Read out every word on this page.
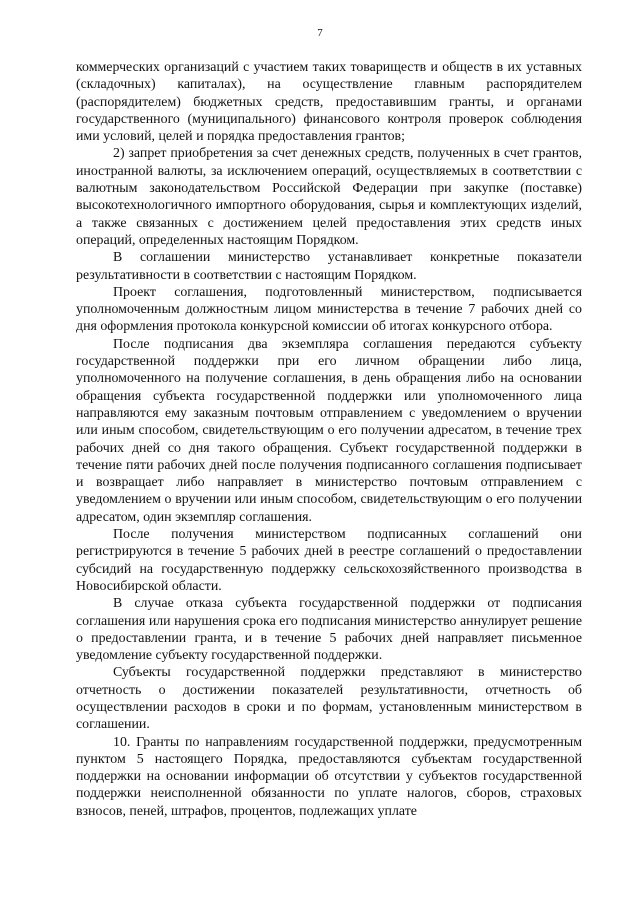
7

коммерческих организаций с участием таких товариществ и обществ в их уставных (складочных) капиталах), на осуществление главным распорядителем (распорядителем) бюджетных средств, предоставившим гранты, и органами государственного (муниципального) финансового контроля проверок соблюдения ими условий, целей и порядка предоставления грантов;

2) запрет приобретения за счет денежных средств, полученных в счет грантов, иностранной валюты, за исключением операций, осуществляемых в соответствии с валютным законодательством Российской Федерации при закупке (поставке) высокотехнологичного импортного оборудования, сырья и комплектующих изделий, а также связанных с достижением целей предоставления этих средств иных операций, определенных настоящим Порядком.

В соглашении министерство устанавливает конкретные показатели результативности в соответствии с настоящим Порядком.

Проект соглашения, подготовленный министерством, подписывается уполномоченным должностным лицом министерства в течение 7 рабочих дней со дня оформления протокола конкурсной комиссии об итогах конкурсного отбора.

После подписания два экземпляра соглашения передаются субъекту государственной поддержки при его личном обращении либо лица, уполномоченного на получение соглашения, в день обращения либо на основании обращения субъекта государственной поддержки или уполномоченного лица направляются ему заказным почтовым отправлением с уведомлением о вручении или иным способом, свидетельствующим о его получении адресатом, в течение трех рабочих дней со дня такого обращения. Субъект государственной поддержки в течение пяти рабочих дней после получения подписанного соглашения подписывает и возвращает либо направляет в министерство почтовым отправлением с уведомлением о вручении или иным способом, свидетельствующим о его получении адресатом, один экземпляр соглашения.

После получения министерством подписанных соглашений они регистрируются в течение 5 рабочих дней в реестре соглашений о предоставлении субсидий на государственную поддержку сельскохозяйственного производства в Новосибирской области.

В случае отказа субъекта государственной поддержки от подписания соглашения или нарушения срока его подписания министерство аннулирует решение о предоставлении гранта, и в течение 5 рабочих дней направляет письменное уведомление субъекту государственной поддержки.

Субъекты государственной поддержки представляют в министерство отчетность о достижении показателей результативности, отчетность об осуществлении расходов в сроки и по формам, установленным министерством в соглашении.

10. Гранты по направлениям государственной поддержки, предусмотренным пунктом 5 настоящего Порядка, предоставляются субъектам государственной поддержки на основании информации об отсутствии у субъектов государственной поддержки неисполненной обязанности по уплате налогов, сборов, страховых взносов, пеней, штрафов, процентов, подлежащих уплате
